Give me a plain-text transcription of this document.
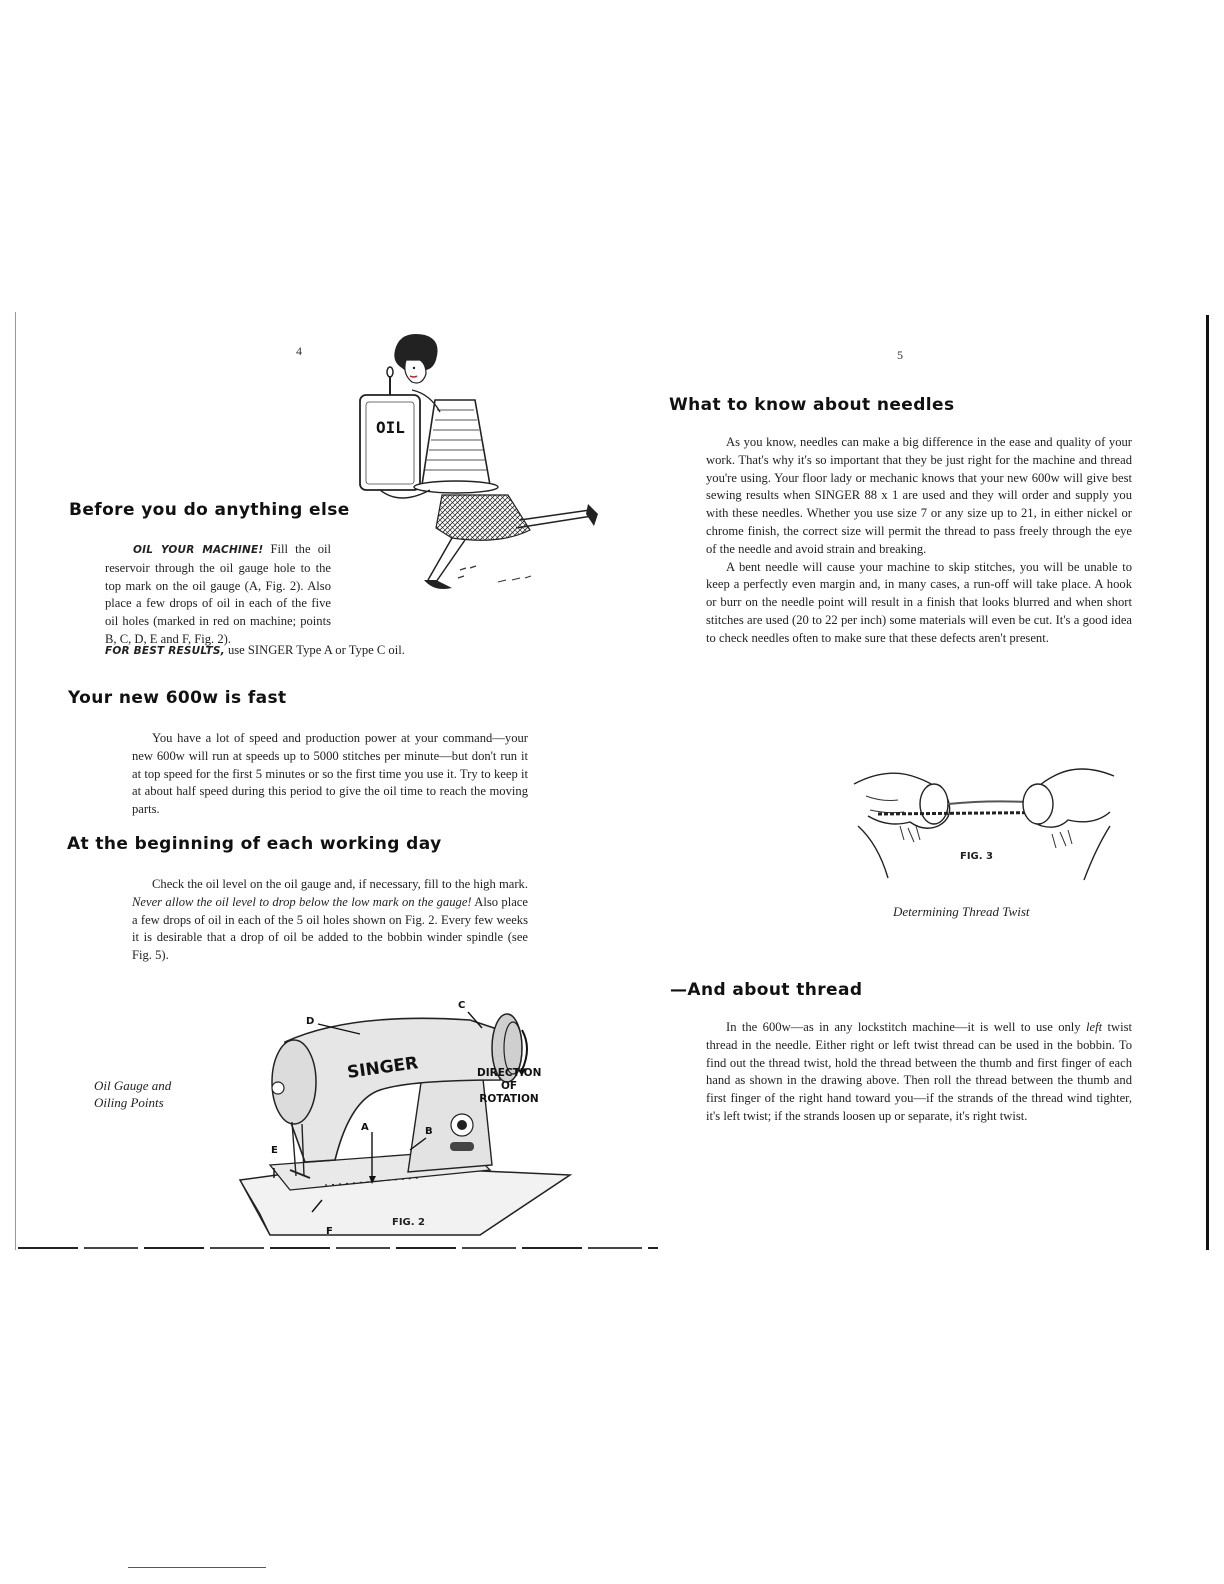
4
OIL
Before you do anything else

OIL YOUR MACHINE! Fill the oil reservoir through the oil gauge hole to the top mark on the oil gauge (A, Fig. 2). Also place a few drops of oil in each of the five oil holes (marked in red on machine; points B, C, D, E and F, Fig. 2).

FOR BEST RESULTS, use SINGER Type A or Type C oil.
Your new 600w is fast

You have a lot of speed and production power at your command—your new 600w will run at speeds up to 5000 stitches per minute—but don't run it at top speed for the first 5 minutes or so the first time you use it. Try to keep it at about half speed during this period to give the oil time to reach the moving parts.

At the beginning of each working day

Check the oil level on the oil gauge and, if necessary, fill to the high mark. Never allow the oil level to drop below the low mark on the gauge! Also place a few drops of oil in each of the 5 oil holes shown on Fig. 2. Every few weeks it is desirable that a drop of oil be added to the bobbin winder spindle (see Fig. 5).

Oil Gauge and Oiling Points
SINGER
D
C
A	B
E
F
DIRECTION OF ROTATION
FIG. 2
5
What to know about needles

As you know, needles can make a big difference in the ease and quality of your work. That's why it's so important that they be just right for the machine and thread you're using. Your floor lady or mechanic knows that your new 600w will give best sewing results when SINGER 88 x 1 are used and they will order and supply you with these needles. Whether you use size 7 or any size up to 21, in either nickel or chrome finish, the correct size will permit the thread to pass freely through the eye of the needle and avoid strain and breaking.

A bent needle will cause your machine to skip stitches, you will be unable to keep a perfectly even margin and, in many cases, a run-off will take place. A hook or burr on the needle point will result in a finish that looks blurred and when short stitches are used (20 to 22 per inch) some materials will even be cut. It's a good idea to check needles often to make sure that these defects aren't present.

FIG. 3
Determining Thread Twist
—And about thread

In the 600w—as in any lockstitch machine—it is well to use only left twist thread in the needle. Either right or left twist thread can be used in the bobbin. To find out the thread twist, hold the thread between the thumb and first finger of each hand as shown in the drawing above. Then roll the thread between the thumb and first finger of the right hand toward you—if the strands of the thread wind tighter, it's left twist; if the strands loosen up or separate, it's right twist.
